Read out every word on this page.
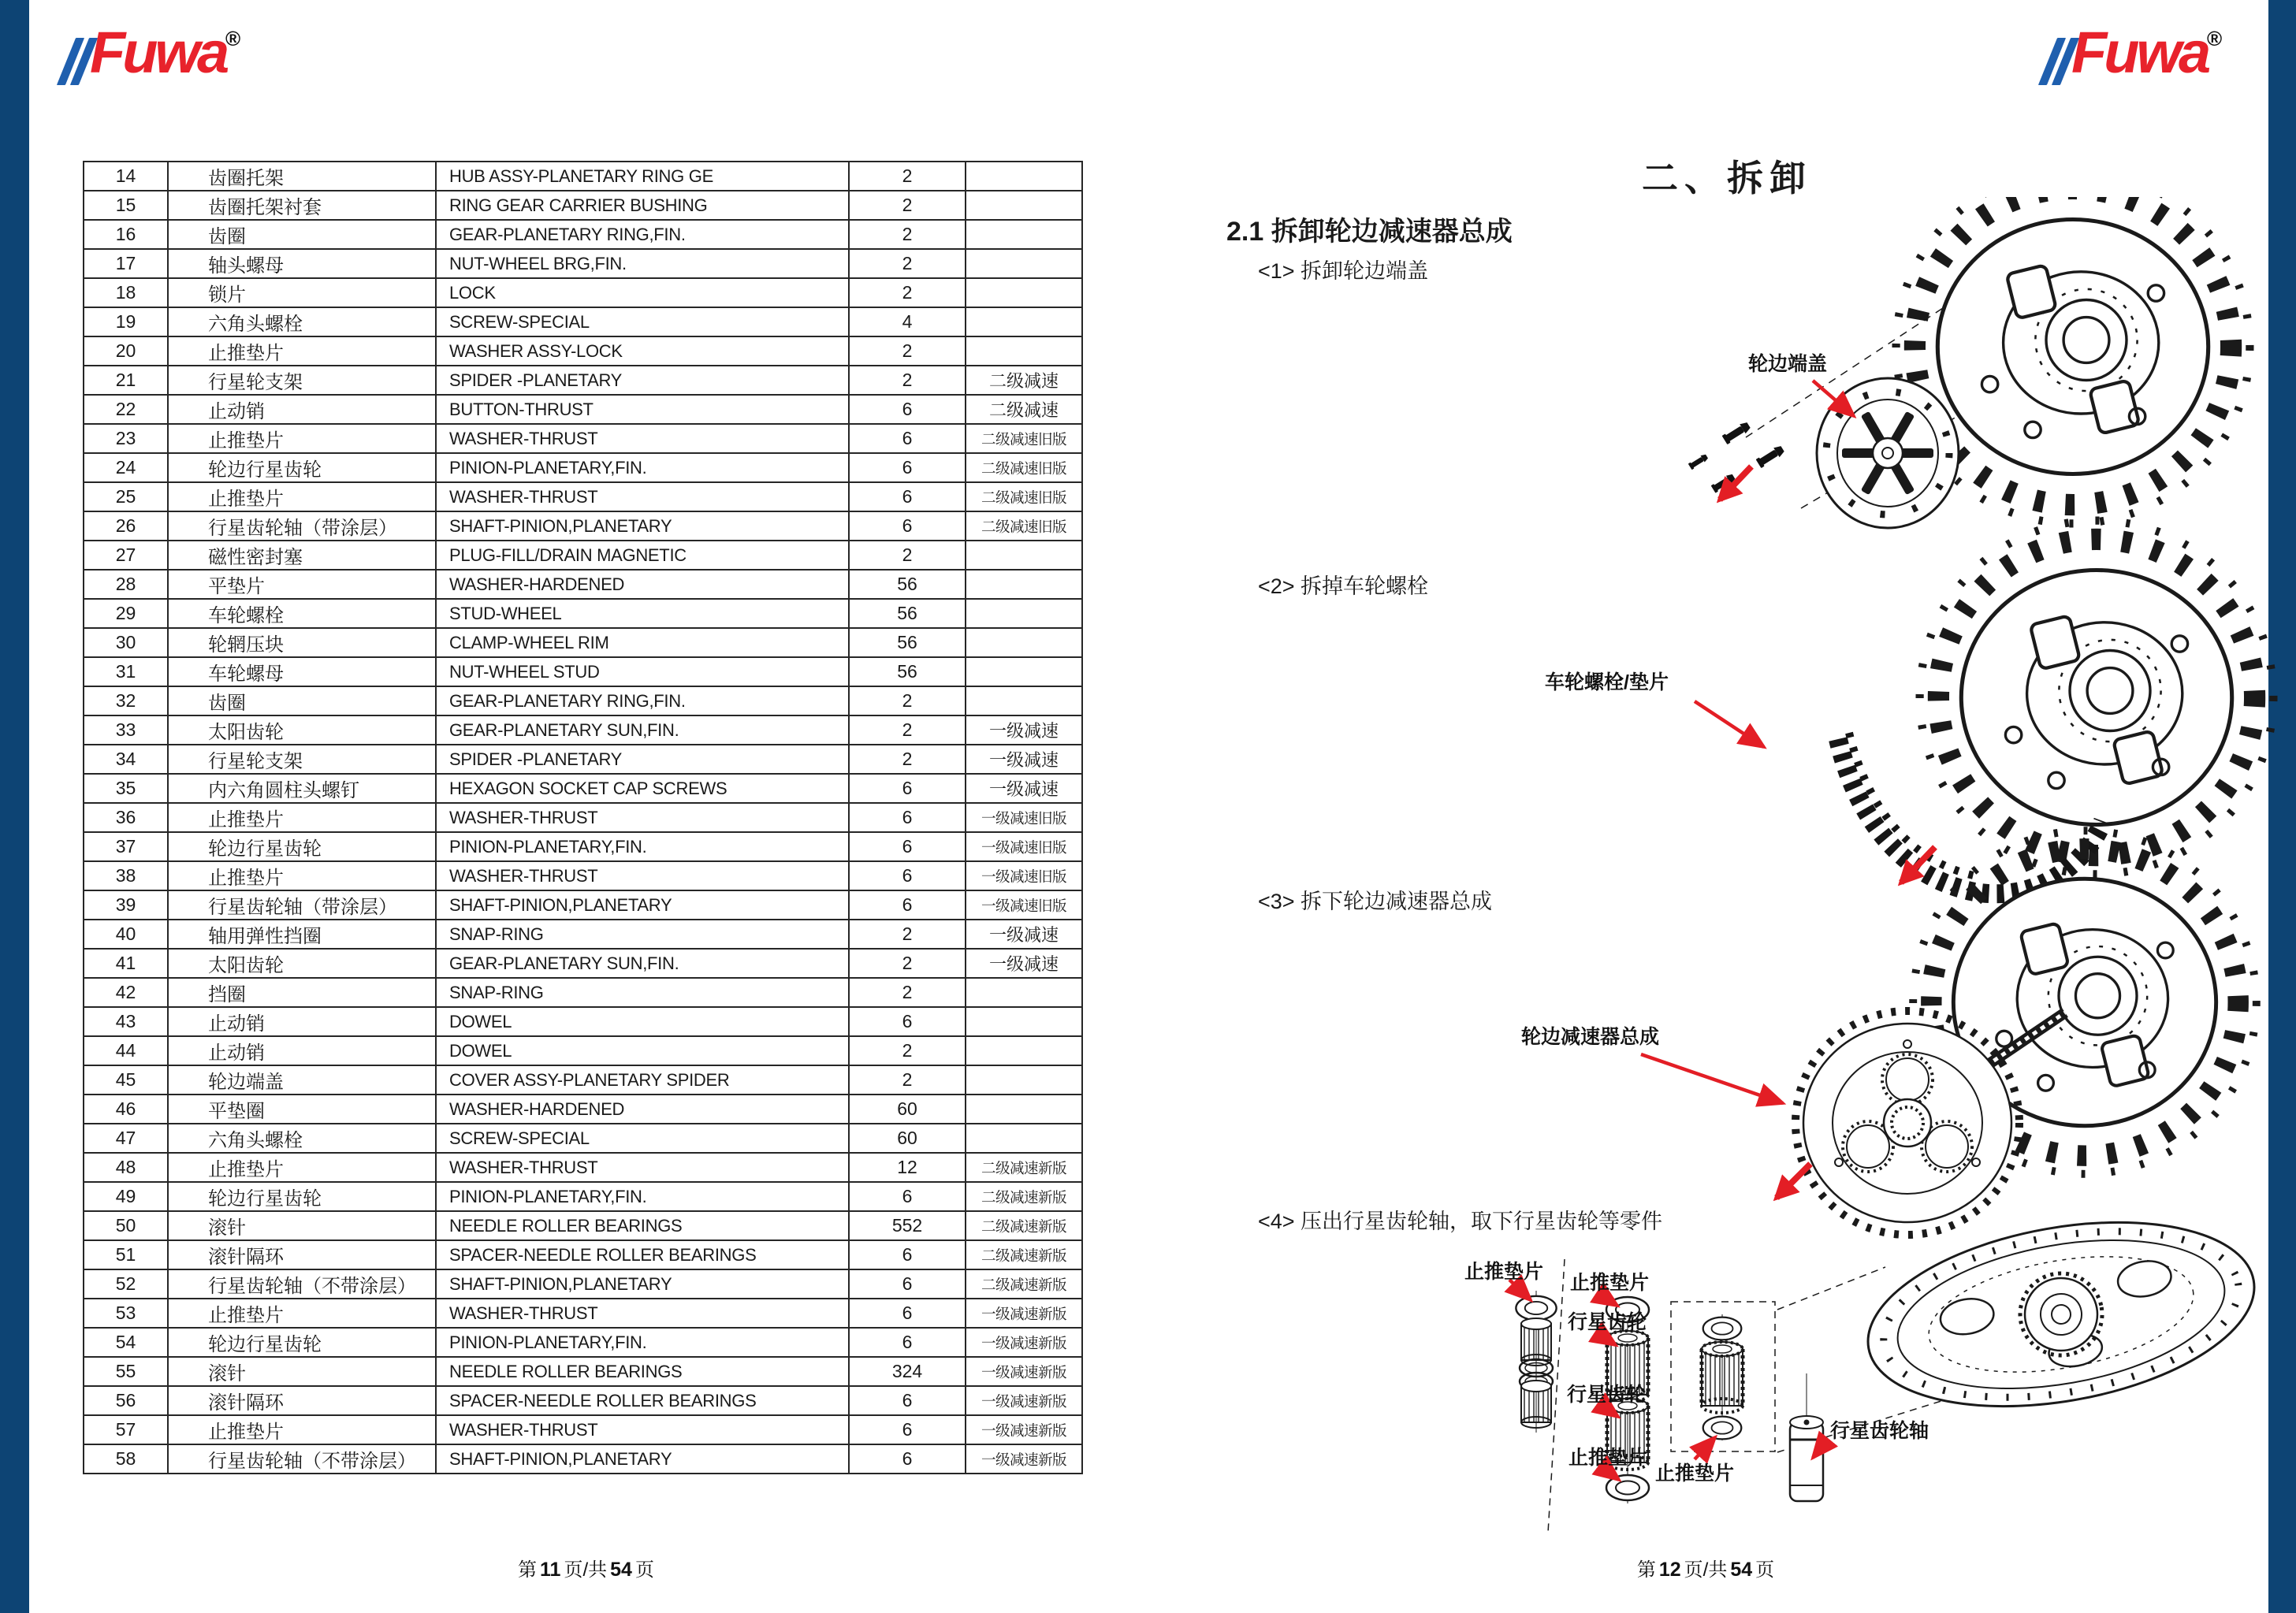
Fuwa
®	Fuwa
®
14	齿圈托架	HUB ASSY-PLANETARY RING GE	2	
15	齿圈托架衬套	RING GEAR CARRIER BUSHING	2	
16	齿圈	GEAR-PLANETARY RING,FIN.	2	
17	轴头螺母	NUT-WHEEL BRG,FIN.	2	
18	锁片	LOCK	2	
19	六角头螺栓	SCREW-SPECIAL	4	
20	止推垫片	WASHER ASSY-LOCK	2	
21	行星轮支架	SPIDER -PLANETARY	2	二级减速
22	止动销	BUTTON-THRUST	6	二级减速
23	止推垫片	WASHER-THRUST	6	二级减速旧版
24	轮边行星齿轮	PINION-PLANETARY,FIN.	6	二级减速旧版
25	止推垫片	WASHER-THRUST	6	二级减速旧版
26	行星齿轮轴（带涂层）	SHAFT-PINION,PLANETARY	6	二级减速旧版
27	磁性密封塞	PLUG-FILL/DRAIN MAGNETIC	2	
28	平垫片	WASHER-HARDENED	56	
29	车轮螺栓	STUD-WHEEL	56	
30	轮辋压块	CLAMP-WHEEL RIM	56	
31	车轮螺母	NUT-WHEEL STUD	56	
32	齿圈	GEAR-PLANETARY RING,FIN.	2	
33	太阳齿轮	GEAR-PLANETARY SUN,FIN.	2	一级减速
34	行星轮支架	SPIDER -PLANETARY	2	一级减速
35	内六角圆柱头螺钉	HEXAGON SOCKET CAP SCREWS	6	一级减速
36	止推垫片	WASHER-THRUST	6	一级减速旧版
37	轮边行星齿轮	PINION-PLANETARY,FIN.	6	一级减速旧版
38	止推垫片	WASHER-THRUST	6	一级减速旧版
39	行星齿轮轴（带涂层）	SHAFT-PINION,PLANETARY	6	一级减速旧版
40	轴用弹性挡圈	SNAP-RING	2	一级减速
41	太阳齿轮	GEAR-PLANETARY SUN,FIN.	2	一级减速
42	挡圈	SNAP-RING	2	
43	止动销	DOWEL	6	
44	止动销	DOWEL	2	
45	轮边端盖	COVER ASSY-PLANETARY SPIDER	2	
46	平垫圈	WASHER-HARDENED	60	
47	六角头螺栓	SCREW-SPECIAL	60	
48	止推垫片	WASHER-THRUST	12	二级减速新版
49	轮边行星齿轮	PINION-PLANETARY,FIN.	6	二级减速新版
50	滚针	NEEDLE ROLLER BEARINGS	552	二级减速新版
51	滚针隔环	SPACER-NEEDLE ROLLER BEARINGS	6	二级减速新版
52	行星齿轮轴（不带涂层）	SHAFT-PINION,PLANETARY	6	二级减速新版
53	止推垫片	WASHER-THRUST	6	一级减速新版
54	轮边行星齿轮	PINION-PLANETARY,FIN.	6	一级减速新版
55	滚针	NEEDLE ROLLER BEARINGS	324	一级减速新版
56	滚针隔环	SPACER-NEEDLE ROLLER BEARINGS	6	一级减速新版
57	止推垫片	WASHER-THRUST	6	一级减速新版
58	行星齿轮轴（不带涂层）	SHAFT-PINION,PLANETARY	6	一级减速新版
第 11 页/共 54 页
二、拆卸
2.1 拆卸轮边减速器总成
<1> 拆卸轮边端盖
<2> 拆掉车轮螺栓
<3> 拆下轮边减速器总成
<4> 压出行星齿轮轴，取下行星齿轮等零件
轮边端盖
车轮螺栓/垫片
轮边减速器总成
止推垫片 止推垫片
行星齿轮
行星齿轮
止推垫片
止推垫片
行星齿轮轴
第 12 页/共 54 页
